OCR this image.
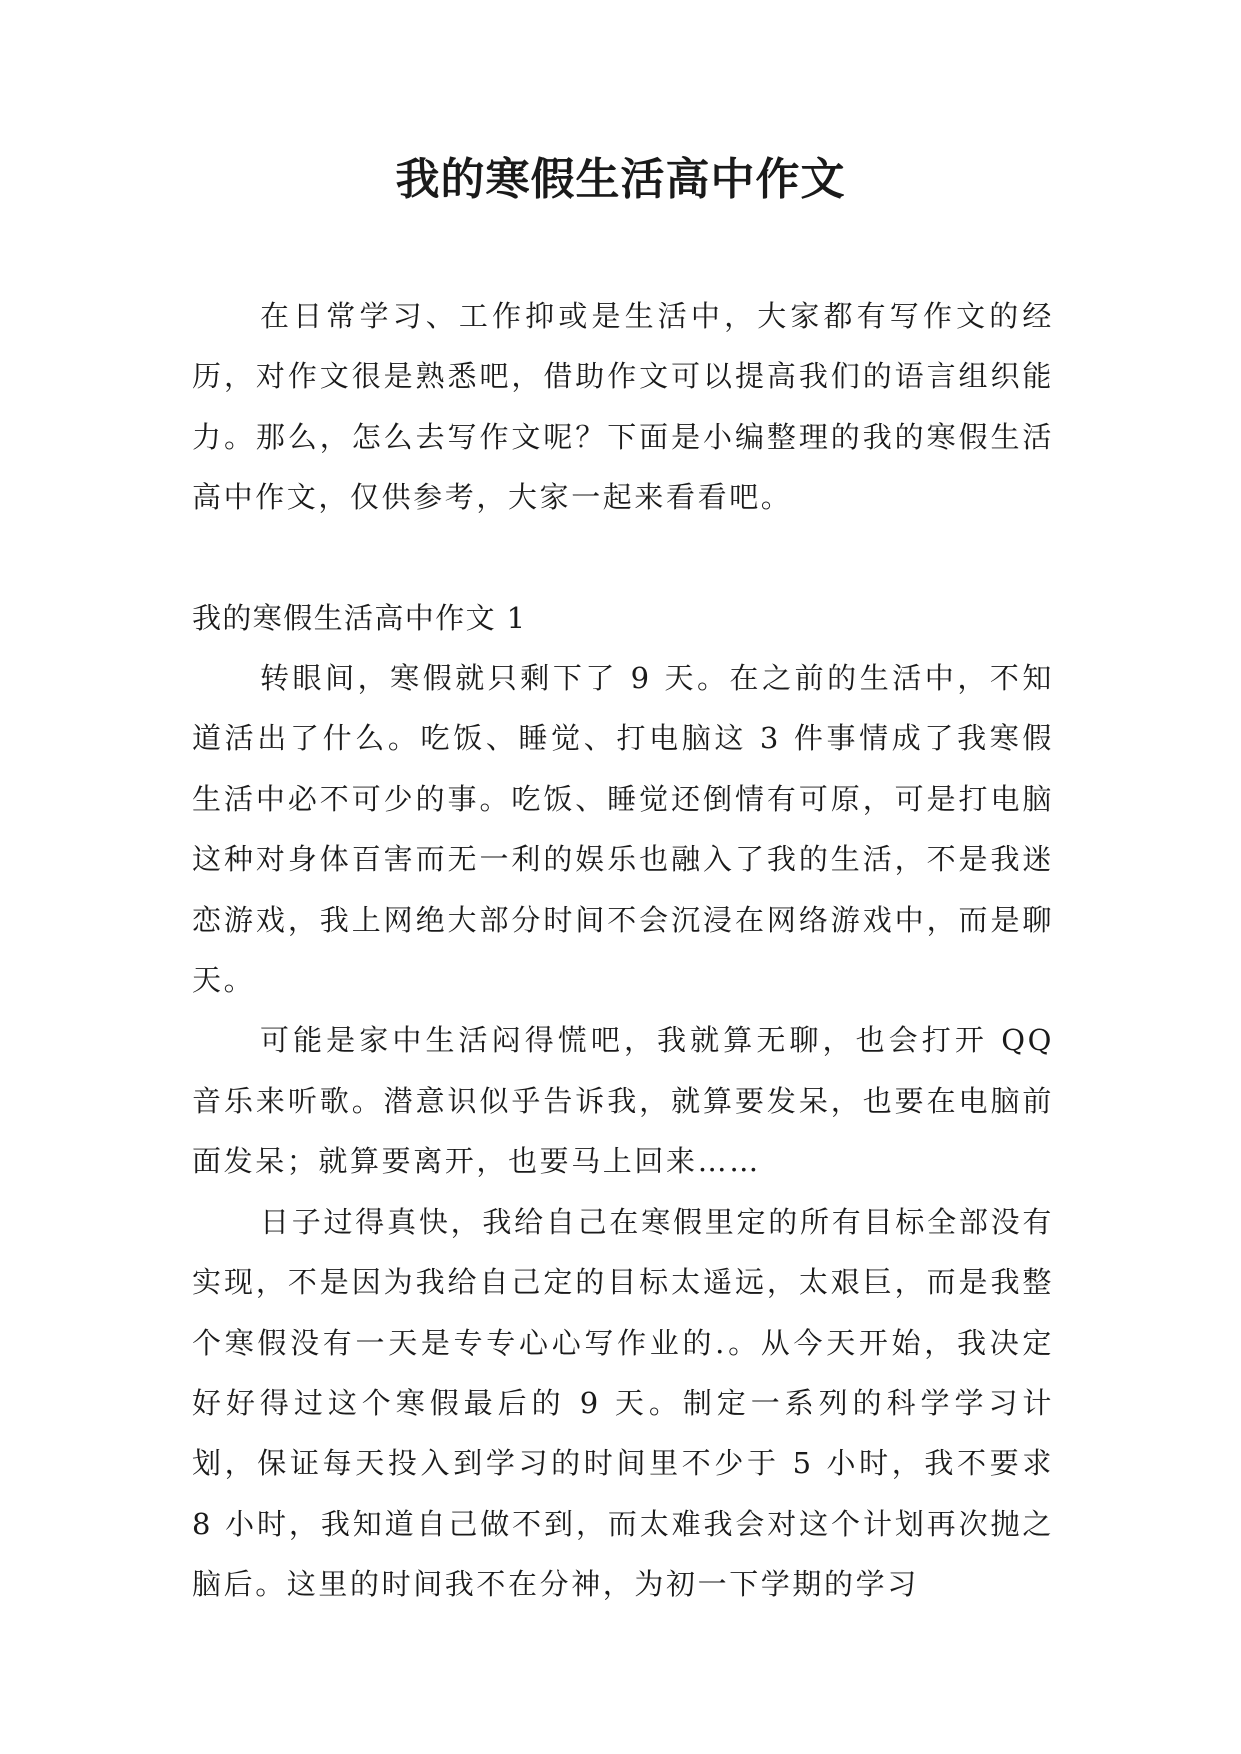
我的寒假生活高中作文

在日常学习、工作抑或是生活中，大家都有写作文的经历，对作文很是熟悉吧，借助作文可以提高我们的语言组织能力。那么，怎么去写作文呢？下面是小编整理的我的寒假生活高中作文，仅供参考，大家一起来看看吧。

我的寒假生活高中作文 1

转眼间，寒假就只剩下了 9 天。在之前的生活中，不知道活出了什么。吃饭、睡觉、打电脑这 3 件事情成了我寒假生活中必不可少的事。吃饭、睡觉还倒情有可原，可是打电脑这种对身体百害而无一利的娱乐也融入了我的生活，不是我迷恋游戏，我上网绝大部分时间不会沉浸在网络游戏中，而是聊天。

可能是家中生活闷得慌吧，我就算无聊，也会打开 QQ 音乐来听歌。潜意识似乎告诉我，就算要发呆，也要在电脑前面发呆；就算要离开，也要马上回来……

日子过得真快，我给自己在寒假里定的所有目标全部没有实现，不是因为我给自己定的目标太遥远，太艰巨，而是我整个寒假没有一天是专专心心写作业的.。从今天开始，我决定好好得过这个寒假最后的 9 天。制定一系列的科学学习计划，保证每天投入到学习的时间里不少于 5 小时，我不要求 8 小时，我知道自己做不到，而太难我会对这个计划再次抛之脑后。这里的时间我不在分神，为初一下学期的学习
